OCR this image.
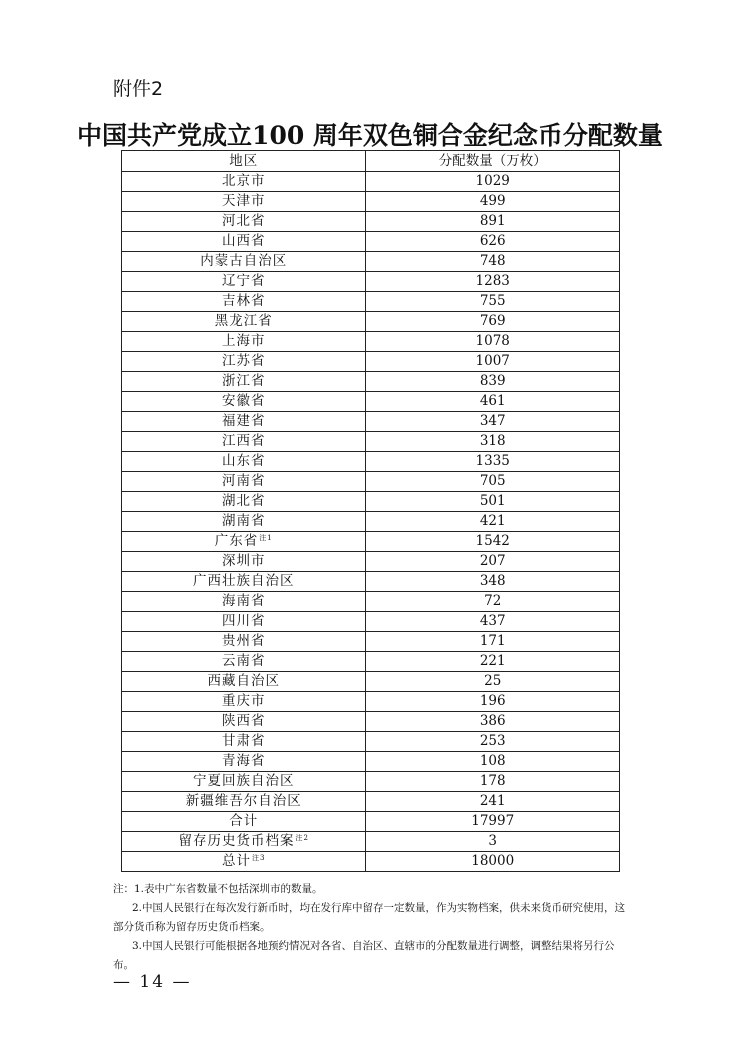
附件2
中国共产党成立100 周年双色铜合金纪念币分配数量
地区	分配数量（万枚）
北京市	1029
天津市	499
河北省	891
山西省	626
内蒙古自治区	748
辽宁省	1283
吉林省	755
黑龙江省	769
上海市	1078
江苏省	1007
浙江省	839
安徽省	461
福建省	347
江西省	318
山东省	1335
河南省	705
湖北省	501
湖南省	421
广东省$^{注1}$	1542
深圳市	207
广西壮族自治区	348
海南省	72
四川省	437
贵州省	171
云南省	221
西藏自治区	25
重庆市	196
陕西省	386
甘肃省	253
青海省	108
宁夏回族自治区	178
新疆维吾尔自治区	241
合计	17997
留存历史货币档案$^{注2}$	3
总计$^{注3}$	18000
注：1.表中广东省数量不包括深圳市的数量。
2.中国人民银行在每次发行新币时，均在发行库中留存一定数量，作为实物档案，供未来货币研究使用，这部分货币称为留存历史货币档案。
3.中国人民银行可能根据各地预约情况对各省、自治区、直辖市的分配数量进行调整，调整结果将另行公布。
— 14 —
